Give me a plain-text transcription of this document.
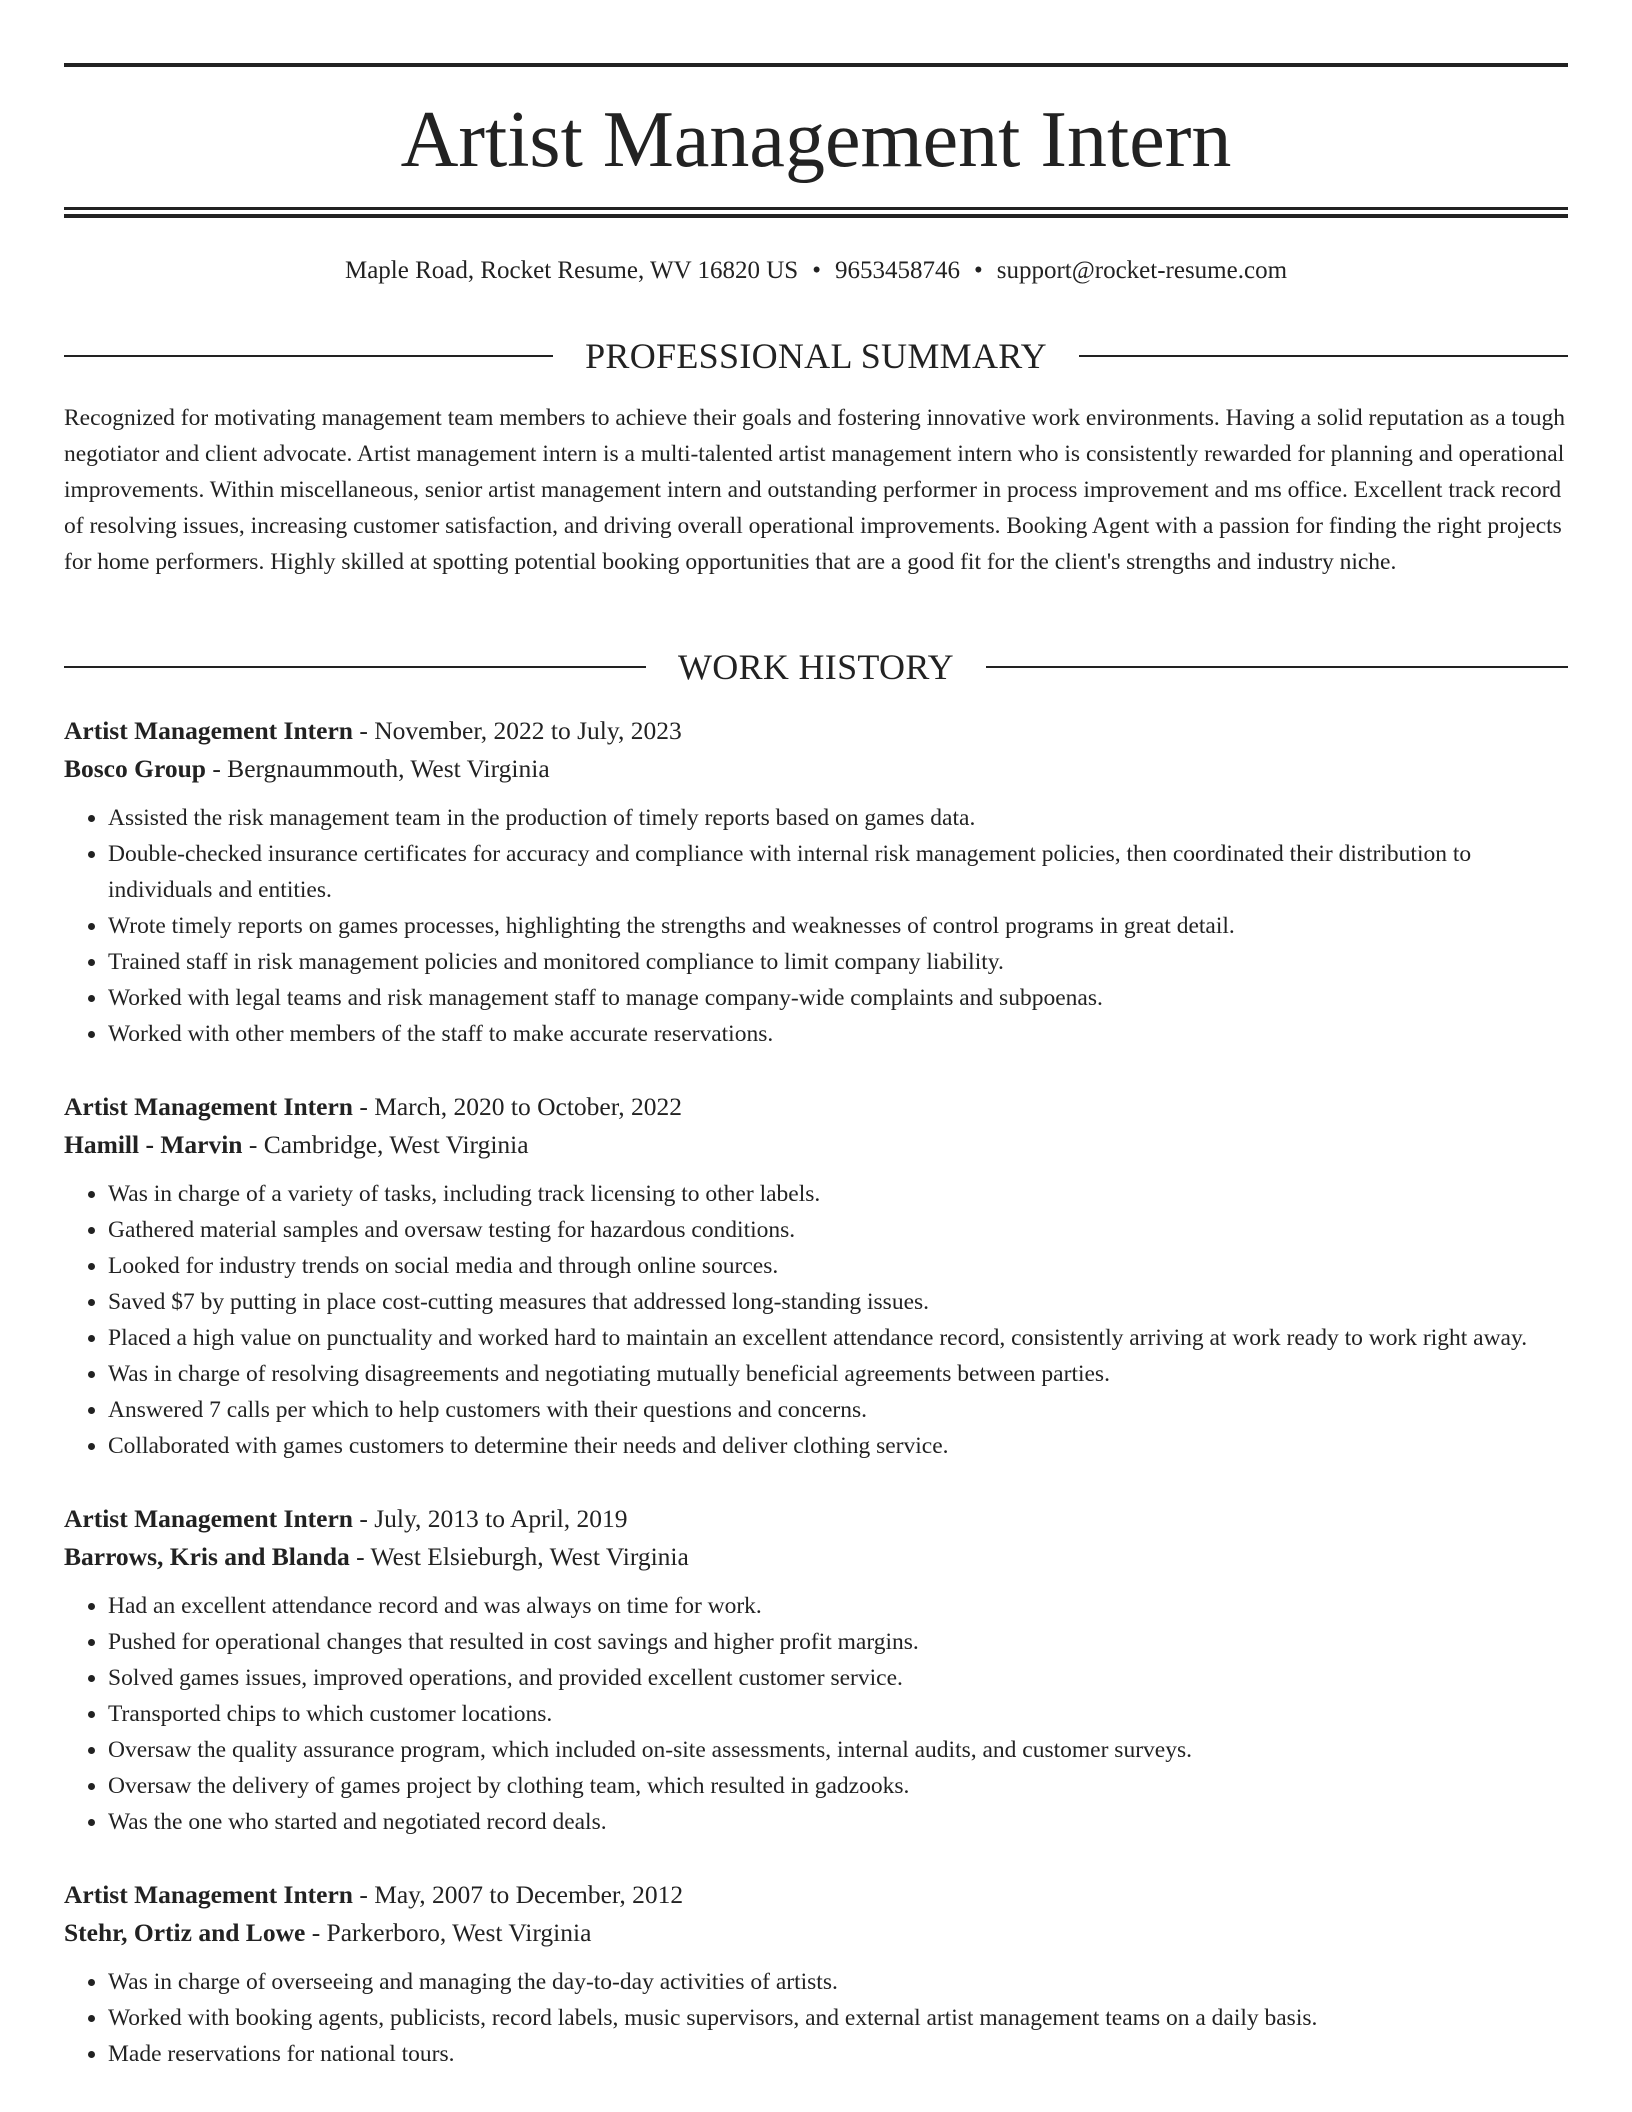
Artist Management Intern
Maple Road, Rocket Resume, WV 16820 US • 9653458746 • support@rocket-resume.com
PROFESSIONAL SUMMARY

Recognized for motivating management team members to achieve their goals and fostering innovative work environments. Having a solid reputation as a tough negotiator and client advocate. Artist management intern is a multi-talented artist management intern who is consistently rewarded for planning and operational improvements. Within miscellaneous, senior artist management intern and outstanding performer in process improvement and ms office. Excellent track record of resolving issues, increasing customer satisfaction, and driving overall operational improvements. Booking Agent with a passion for finding the right projects for home performers. Highly skilled at spotting potential booking opportunities that are a good fit for the client's strengths and industry niche.

WORK HISTORY
Artist Management Intern - November, 2022 to July, 2023
Bosco Group - Bergnaummouth, West Virginia
• Assisted the risk management team in the production of timely reports based on games data.
• Double-checked insurance certificates for accuracy and compliance with internal risk management policies, then coordinated their distribution to individuals and entities.
• Wrote timely reports on games processes, highlighting the strengths and weaknesses of control programs in great detail.
• Trained staff in risk management policies and monitored compliance to limit company liability.
• Worked with legal teams and risk management staff to manage company-wide complaints and subpoenas.
• Worked with other members of the staff to make accurate reservations.
Artist Management Intern - March, 2020 to October, 2022
Hamill - Marvin - Cambridge, West Virginia
• Was in charge of a variety of tasks, including track licensing to other labels.
• Gathered material samples and oversaw testing for hazardous conditions.
• Looked for industry trends on social media and through online sources.
• Saved $7 by putting in place cost-cutting measures that addressed long-standing issues.
• Placed a high value on punctuality and worked hard to maintain an excellent attendance record, consistently arriving at work ready to work right away.
• Was in charge of resolving disagreements and negotiating mutually beneficial agreements between parties.
• Answered 7 calls per which to help customers with their questions and concerns.
• Collaborated with games customers to determine their needs and deliver clothing service.
Artist Management Intern - July, 2013 to April, 2019
Barrows, Kris and Blanda - West Elsieburgh, West Virginia
• Had an excellent attendance record and was always on time for work.
• Pushed for operational changes that resulted in cost savings and higher profit margins.
• Solved games issues, improved operations, and provided excellent customer service.
• Transported chips to which customer locations.
• Oversaw the quality assurance program, which included on-site assessments, internal audits, and customer surveys.
• Oversaw the delivery of games project by clothing team, which resulted in gadzooks.
• Was the one who started and negotiated record deals.
Artist Management Intern - May, 2007 to December, 2012
Stehr, Ortiz and Lowe - Parkerboro, West Virginia
• Was in charge of overseeing and managing the day-to-day activities of artists.
• Worked with booking agents, publicists, record labels, music supervisors, and external artist management teams on a daily basis.
• Made reservations for national tours.
